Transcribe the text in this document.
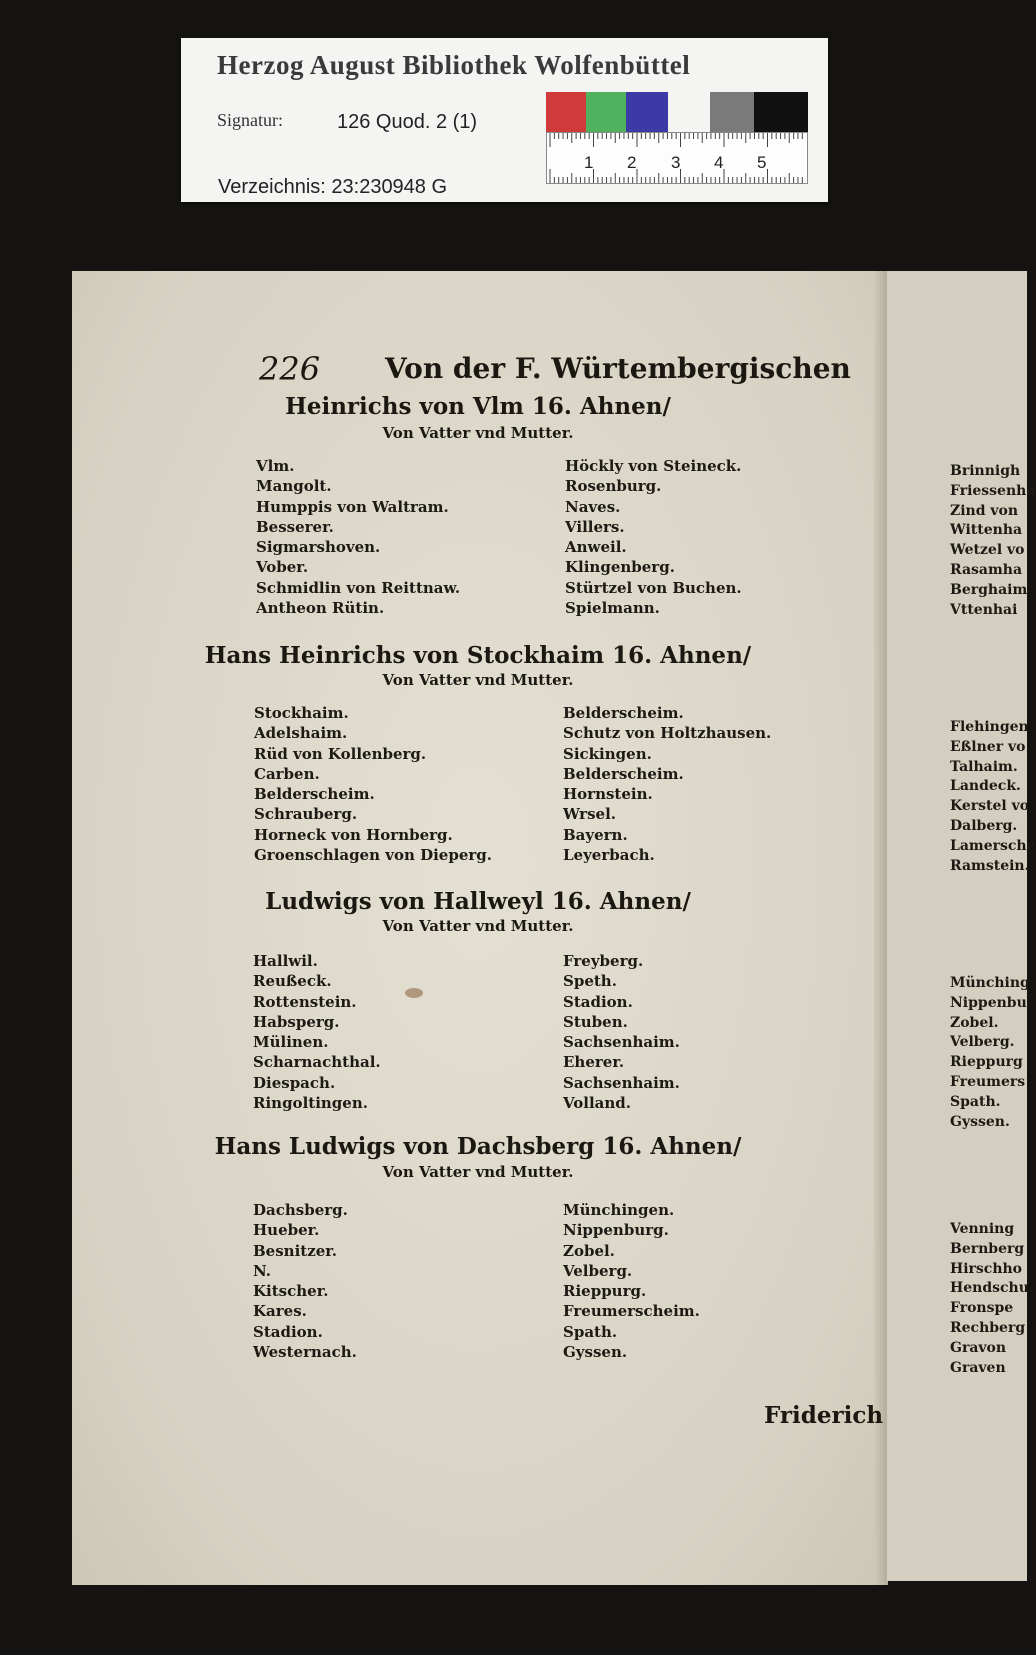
Herzog August Bibliothek Wolfenbüttel
Signatur:	126 Quod. 2 (1)
Verzeichnis: 23:230948 G
1 2 3 4 5
226 Von der F. Würtembergischen
Heinrichs von Vlm 16. Ahnen/
Von Vatter vnd Mutter.
Vlm.
Mangolt.
Humppis von Waltram.
Besserer.
Sigmarshoven.
Vober.
Schmidlin von Reittnaw.
Antheon Rütin.
Höckly von Steineck.
Rosenburg.
Naves.
Villers.
Anweil.
Klingenberg.
Stürtzel von Buchen.
Spielmann.
Hans Heinrichs von Stockhaim 16. Ahnen/
Von Vatter vnd Mutter.
Stockhaim.
Adelshaim.
Rüd von Kollenberg.
Carben.
Belderscheim.
Schrauberg.
Horneck von Hornberg.
Groenschlagen von Dieperg.
Belderscheim.
Schutz von Holtzhausen.
Sickingen.
Belderscheim.
Hornstein.
Wrsel.
Bayern.
Leyerbach.
Ludwigs von Hallweyl 16. Ahnen/
Von Vatter vnd Mutter.
Hallwil.
Reußeck.
Rottenstein.
Habsperg.
Mülinen.
Scharnachthal.
Diespach.
Ringoltingen.
Freyberg.
Speth.
Stadion.
Stuben.
Sachsenhaim.
Eherer.
Sachsenhaim.
Volland.
Hans Ludwigs von Dachsberg 16. Ahnen/
Von Vatter vnd Mutter.
Dachsberg.
Hueber.
Besnitzer.
N.
Kitscher.
Kares.
Stadion.
Westernach.
Münchingen.
Nippenburg.
Zobel.
Velberg.
Rieppurg.
Freumerscheim.
Spath.
Gyssen.
Friderich
Brinnigh
Friessenha
Zind von
Wittenha
Wetzel vo
Rasamha
Berghaim
Vttenhai
Flehingen
Eßlner vo
Talhaim.
Landeck.
Kerstel vo
Dalberg.
Lamersche
Ramstein.
Münching
Nippenbu
Zobel.
Velberg.
Rieppurg
Freumers
Spath.
Gyssen.
Venning
Bernberg
Hirschho
Hendschu
Fronspe
Rechberg
Gravon
Graven
